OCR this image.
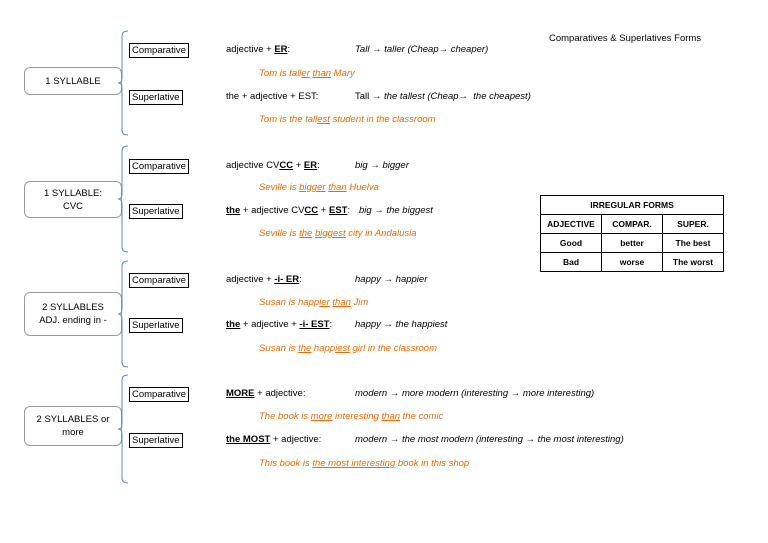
Comparatives & Superlatives Forms
1 SYLLABLE
Comparative	adjective + ER:	Tall → taller (Cheap→ cheaper)
Tom is taller than Mary
Superlative	the + adjective + EST:	Tall → the tallest (Cheap→  the cheapest)
Tom is the tallest student in the classroom
1 SYLLABLE:
CVC
Comparative	adjective CVCC + ER:	big → bigger
Seville is bigger than Huelva
Superlative	the + adjective CVCC + EST: big → the biggest
Seville is the biggest city in Andalusia
2 SYLLABLES
ADJ. ending in -
Comparative	adjective + -i- ER:	happy → happier
Susan is happier than Jim
Superlative	the + adjective + -i- EST: happy → the happiest
Susan is the happiest girl in the classroom
2 SYLLABLES or
more
Comparative	MORE + adjective:	modern → more modern (interesting → more interesting)
The book is more interesting than the comic
Superlative	the MOST + adjective:	modern → the most modern (interesting → the most interesting)
This book is the most interesting book in this shop
IRREGULAR FORMS		
ADJECTIVE	COMPAR.	SUPER.
Good	better	The best
Bad	worse	The worst
